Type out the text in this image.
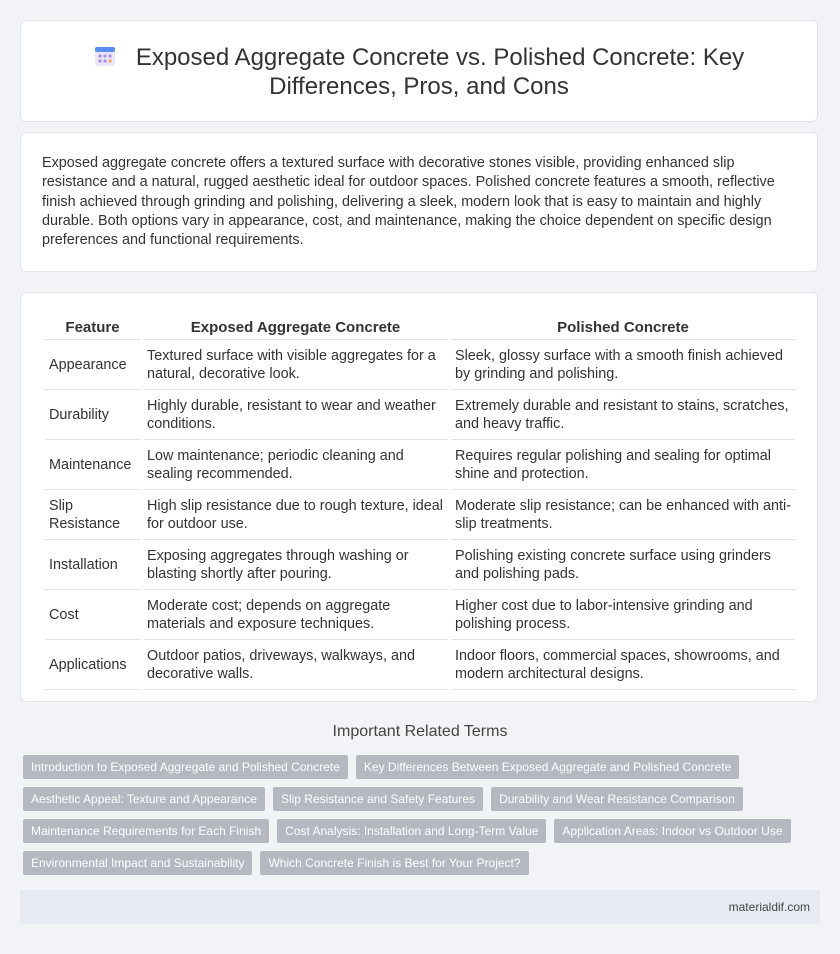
Exposed Aggregate Concrete vs. Polished Concrete: Key
Differences, Pros, and Cons

Exposed aggregate concrete offers a textured surface with decorative stones visible, providing enhanced slip resistance and a natural, rugged aesthetic ideal for outdoor spaces. Polished concrete features a smooth, reflective finish achieved through grinding and polishing, delivering a sleek, modern look that is easy to maintain and highly durable. Both options vary in appearance, cost, and maintenance, making the choice dependent on specific design preferences and functional requirements.

Feature	Exposed Aggregate Concrete	Polished Concrete
Appearance	Textured surface with visible aggregates for a natural, decorative look.	Sleek, glossy surface with a smooth finish achieved by grinding and polishing.
Durability	Highly durable, resistant to wear and weather conditions.	Extremely durable and resistant to stains, scratches, and heavy traffic.
Maintenance	Low maintenance; periodic cleaning and sealing recommended.	Requires regular polishing and sealing for optimal shine and protection.
Slip Resistance	High slip resistance due to rough texture, ideal for outdoor use.	Moderate slip resistance; can be enhanced with anti-slip treatments.
Installation	Exposing aggregates through washing or blasting shortly after pouring.	Polishing existing concrete surface using grinders and polishing pads.
Cost	Moderate cost; depends on aggregate materials and exposure techniques.	Higher cost due to labor-intensive grinding and polishing process.
Applications	Outdoor patios, driveways, walkways, and decorative walls.	Indoor floors, commercial spaces, showrooms, and modern architectural designs.
Important Related Terms
Introduction to Exposed Aggregate and Polished Concrete	Key Differences Between Exposed Aggregate and Polished Concrete
Aesthetic Appeal: Texture and Appearance	Slip Resistance and Safety Features	Durability and Wear Resistance Comparison
Maintenance Requirements for Each Finish	Cost Analysis: Installation and Long-Term Value	Application Areas: Indoor vs Outdoor Use
Environmental Impact and Sustainability	Which Concrete Finish is Best for Your Project?
materialdif.com
